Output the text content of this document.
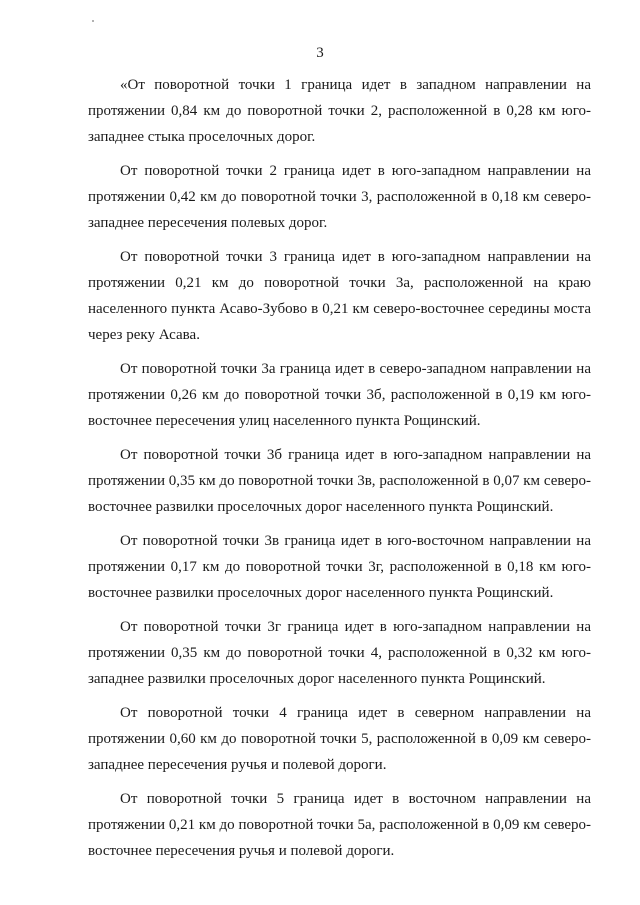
3

«От поворотной точки 1 граница идет в западном направлении на протяжении 0,84 км до поворотной точки 2, расположенной в 0,28 км юго-западнее стыка проселочных дорог.

От поворотной точки 2 граница идет в юго-западном направлении на протяжении 0,42 км до поворотной точки 3, расположенной в 0,18 км северо-западнее пересечения полевых дорог.

От поворотной точки 3 граница идет в юго-западном направлении на протяжении 0,21 км до поворотной точки 3а, расположенной на краю населенного пункта Асаво-Зубово в 0,21 км северо-восточнее середины моста через реку Асава.

От поворотной точки 3а граница идет в северо-западном направлении на протяжении 0,26 км до поворотной точки 3б, расположенной в 0,19 км юго-восточнее пересечения улиц населенного пункта Рощинский.

От поворотной точки 3б граница идет в юго-западном направлении на протяжении 0,35 км до поворотной точки 3в, расположенной в 0,07 км северо-восточнее развилки проселочных дорог населенного пункта Рощинский.

От поворотной точки 3в граница идет в юго-восточном направлении на протяжении 0,17 км до поворотной точки 3г, расположенной в 0,18 км юго-восточнее развилки проселочных дорог населенного пункта Рощинский.

От поворотной точки 3г граница идет в юго-западном направлении на протяжении 0,35 км до поворотной точки 4, расположенной в 0,32 км юго-западнее развилки проселочных дорог населенного пункта Рощинский.

От поворотной точки 4 граница идет в северном направлении на протяжении 0,60 км до поворотной точки 5, расположенной в 0,09 км северо-западнее пересечения ручья и полевой дороги.

От поворотной точки 5 граница идет в восточном направлении на протяжении 0,21 км до поворотной точки 5а, расположенной в 0,09 км северо-восточнее пересечения ручья и полевой дороги.
